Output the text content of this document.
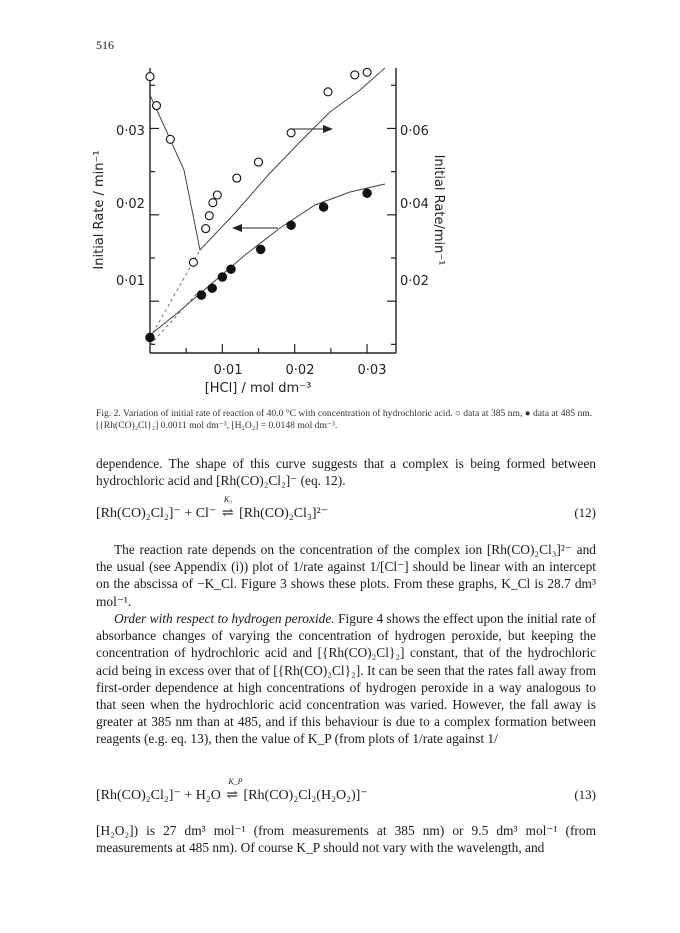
516
0·03
0·02
0·01
0·06
0·04
0·02
0·01	0·02	0·03
Initial Rate / min⁻¹	Initial Rate/min⁻¹
[HCl] / mol dm⁻³
Fig. 2. Variation of initial rate of reaction of 40.0 °C with concentration of hydrochloric acid. ○ data at 385 nm, ● data at 485 nm. [{Rh(CO)₂Cl}₂] 0.0011 mol dm⁻³, [H₂O₂] = 0.0148 mol dm⁻³.

dependence. The shape of this curve suggests that a complex is being formed between hydrochloric acid and [Rh(CO)₂Cl₂]⁻ (eq. 12).

[Rh(CO)₂Cl₂]⁻ + Cl⁻
K₃
⇌ [Rh(CO)₂Cl₃]²⁻	(12)

The reaction rate depends on the concentration of the complex ion [Rh(CO)₂Cl₃]²⁻ and the usual (see Appendix (i)) plot of 1/rate against 1/[Cl⁻] should be linear with an intercept on the abscissa of −K_Cl. Figure 3 shows these plots. From these graphs, K_Cl is 28.7 dm³ mol⁻¹.

Order with respect to hydrogen peroxide. Figure 4 shows the effect upon the initial rate of absorbance changes of varying the concentration of hydrogen peroxide, but keeping the concentration of hydrochloric acid and [{Rh(CO)₂Cl}₂] constant, that of the hydrochloric acid being in excess over that of [{Rh(CO)₂Cl}₂]. It can be seen that the rates fall away from first-order dependence at high concentrations of hydrogen peroxide in a way analogous to that seen when the hydrochloric acid concentration was varied. However, the fall away is greater at 385 nm than at 485, and if this behaviour is due to a complex formation between reagents (e.g. eq. 13), then the value of K_P (from plots of 1/rate against 1/

[Rh(CO)₂Cl₂]⁻ + H₂O
K_P
⇌ [Rh(CO)₂Cl₂(H₂O₂)]⁻	(13)

[H₂O₂]) is 27 dm³ mol⁻¹ (from measurements at 385 nm) or 9.5 dm³ mol⁻¹ (from measurements at 485 nm). Of course K_P should not vary with the wavelength, and
